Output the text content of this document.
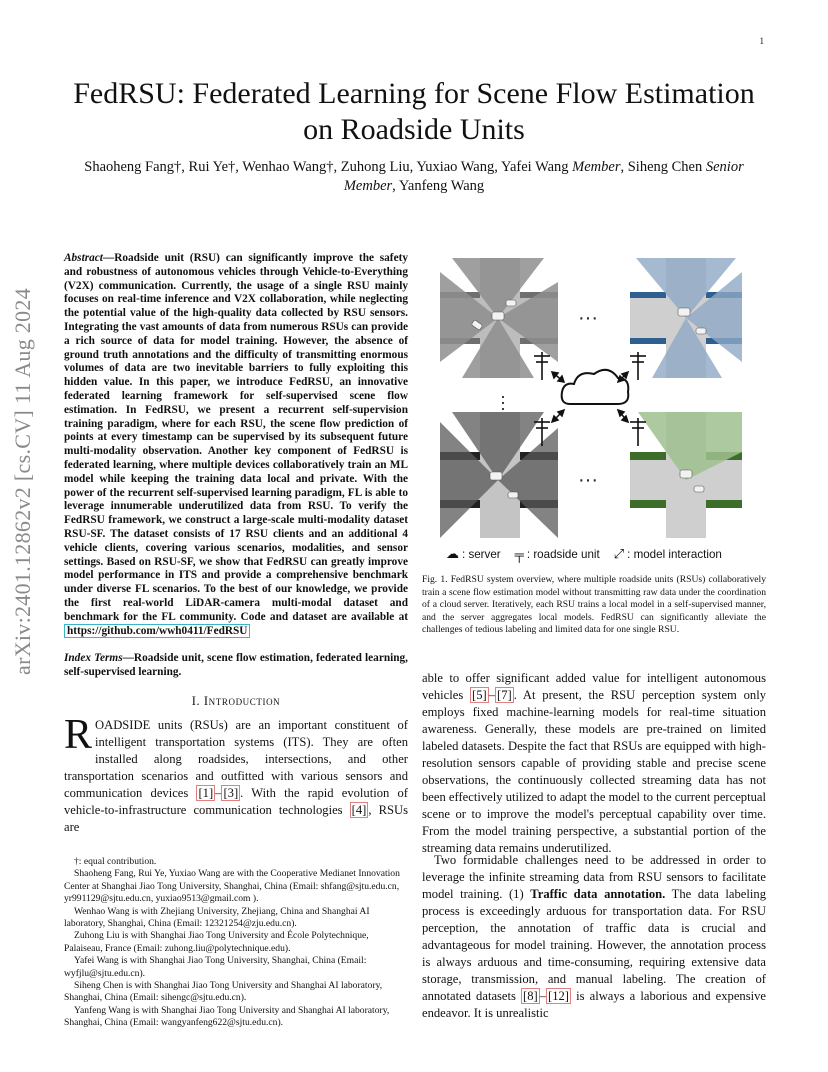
1
arXiv:2401.12862v2 [cs.CV] 11 Aug 2024
FedRSU: Federated Learning for Scene Flow Estimation on Roadside Units
Shaoheng Fang†, Rui Ye†, Wenhao Wang†, Zuhong Liu, Yuxiao Wang, Yafei Wang Member, Siheng Chen Senior
Member, Yanfeng Wang

Abstract—Roadside unit (RSU) can significantly improve the safety and robustness of autonomous vehicles through Vehicle-to-Everything (V2X) communication. Currently, the usage of a single RSU mainly focuses on real-time inference and V2X collaboration, while neglecting the potential value of the high-quality data collected by RSU sensors. Integrating the vast amounts of data from numerous RSUs can provide a rich source of data for model training. However, the absence of ground truth annotations and the difficulty of transmitting enormous volumes of data are two inevitable barriers to fully exploiting this hidden value. In this paper, we introduce FedRSU, an innovative federated learning framework for self-supervised scene flow estimation. In FedRSU, we present a recurrent self-supervision training paradigm, where for each RSU, the scene flow prediction of points at every timestamp can be supervised by its subsequent future multi-modality observation. Another key component of FedRSU is federated learning, where multiple devices collaboratively train an ML model while keeping the training data local and private. With the power of the recurrent self-supervised learning paradigm, FL is able to leverage innumerable underutilized data from RSU. To verify the FedRSU framework, we construct a large-scale multi-modality dataset RSU-SF. The dataset consists of 17 RSU clients and an additional 4 vehicle clients, covering various scenarios, modalities, and sensor settings. Based on RSU-SF, we show that FedRSU can greatly improve model performance in ITS and provide a comprehensive benchmark under diverse FL scenarios. To the best of our knowledge, we provide the first real-world LiDAR-camera multi-modal dataset and benchmark for the FL community. Code and dataset are available at https://github.com/wwh0411/FedRSU

Index Terms—Roadside unit, scene flow estimation, federated learning, self-supervised learning.

I. Introduction

ROADSIDE units (RSUs) are an important constituent of intelligent transportation systems (ITS). They are often installed along roadsides, intersections, and other transportation scenarios and outfitted with various sensors and communication devices [1] – [3] . With the rapid evolution of vehicle-to-infrastructure communication technologies [4] , RSUs are

†: equal contribution.

Shaoheng Fang, Rui Ye, Yuxiao Wang are with the Cooperative Medianet Innovation Center at Shanghai Jiao Tong University, Shanghai, China (Email: shfang@sjtu.edu.cn, yr991129@sjtu.edu.cn, yuxiao9513@gmail.com ).

Wenhao Wang is with Zhejiang University, Zhejiang, China and Shanghai AI laboratory, Shanghai, China (Email: 12321254@zju.edu.cn).

Zuhong Liu is with Shanghai Jiao Tong University and École Polytechnique, Palaiseau, France (Email: zuhong.liu@polytechnique.edu).

Yafei Wang is with Shanghai Jiao Tong University, Shanghai, China (Email: wyfjlu@sjtu.edu.cn).

Siheng Chen is with Shanghai Jiao Tong University and Shanghai AI laboratory, Shanghai, China (Email: sihengc@sjtu.edu.cn).

Yanfeng Wang is with Shanghai Jiao Tong University and Shanghai AI laboratory, Shanghai, China (Email: wangyanfeng622@sjtu.edu.cn).

···
···
···
☁ : server ╤ : roadside unit ⤢ : model interaction

Fig. 1. FedRSU system overview, where multiple roadside units (RSUs) collaboratively train a scene flow estimation model without transmitting raw data under the coordination of a cloud server. Iteratively, each RSU trains a local model in a self-supervised manner, and the server aggregates local models. FedRSU can significantly alleviate the challenges of tedious labeling and limited data for one single RSU.

able to offer significant added value for intelligent autonomous vehicles [5] – [7] . At present, the RSU perception system only employs fixed machine-learning models for real-time situation awareness. Generally, these models are pre-trained on limited labeled datasets. Despite the fact that RSUs are equipped with high-resolution sensors capable of providing stable and precise scene observations, the continuously collected streaming data has not been effectively utilized to adapt the model to the current perceptual scene or to improve the model's perceptual capability over time. From the model training perspective, a substantial portion of the streaming data remains underutilized.

Two formidable challenges need to be addressed in order to leverage the infinite streaming data from RSU sensors to facilitate model training. (1) Traffic data annotation. The data labeling process is exceedingly arduous for transportation data. For RSU perception, the annotation of traffic data is crucial and advantageous for model training. However, the annotation process is always arduous and time-consuming, requiring extensive data storage, transmission, and manual labeling. The creation of annotated datasets [8] – [12] is always a laborious and expensive endeavor. It is unrealistic
